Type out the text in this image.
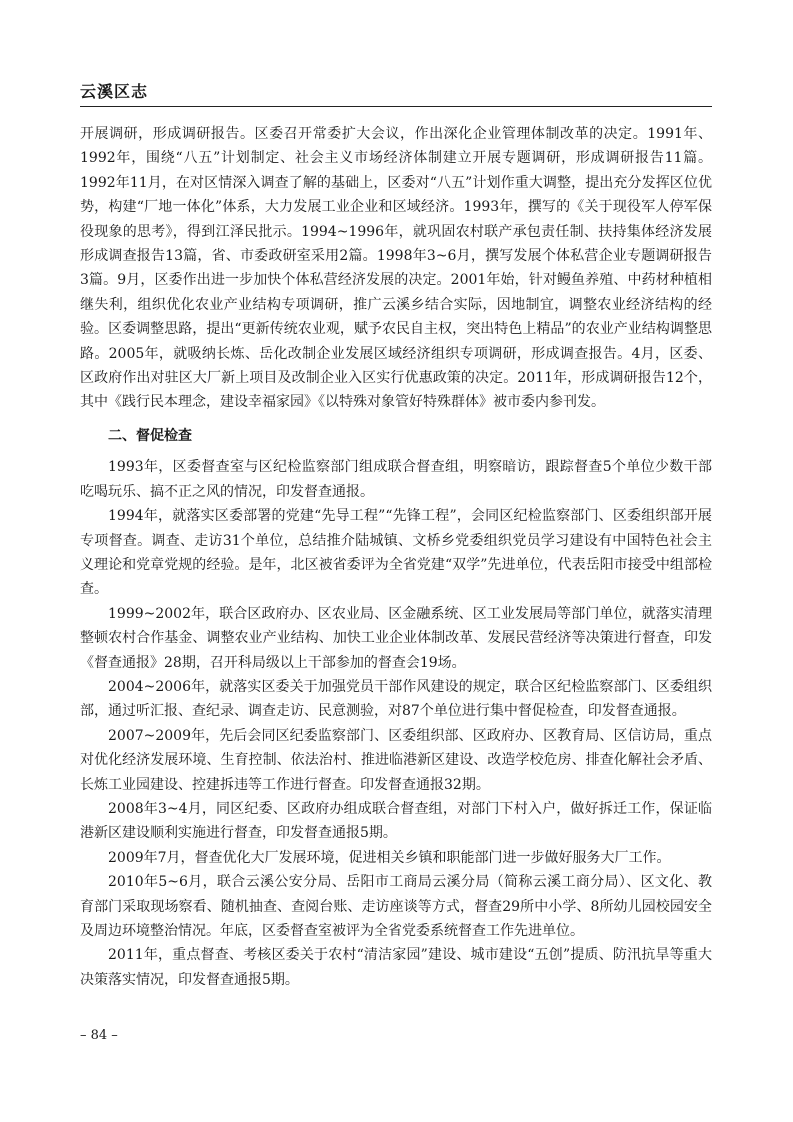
云溪区志

开展调研，形成调研报告。区委召开常委扩大会议，作出深化企业管理体制改革的决定。1991年、1992年，围绕“八五”计划制定、社会主义市场经济体制建立开展专题调研，形成调研报告11篇。1992年11月，在对区情深入调查了解的基础上，区委对“八五”计划作重大调整，提出充分发挥区位优势，构建“厂地一体化”体系，大力发展工业企业和区域经济。1993年，撰写的《关于现役军人停军保役现象的思考》，得到江泽民批示。1994~1996年，就巩固农村联产承包责任制、扶持集体经济发展形成调查报告13篇，省、市委政研室采用2篇。1998年3~6月，撰写发展个体私营企业专题调研报告3篇。9月，区委作出进一步加快个体私营经济发展的决定。2001年始，针对鳗鱼养殖、中药材种植相继失利，组织优化农业产业结构专项调研，推广云溪乡结合实际，因地制宜，调整农业经济结构的经验。区委调整思路，提出“更新传统农业观，赋予农民自主权，突出特色上精品”的农业产业结构调整思路。2005年，就吸纳长炼、岳化改制企业发展区域经济组织专项调研，形成调查报告。4月，区委、区政府作出对驻区大厂新上项目及改制企业入区实行优惠政策的决定。2011年，形成调研报告12个，其中《践行民本理念，建设幸福家园》《以特殊对象管好特殊群体》被市委内参刊发。

二、督促检查

1993年，区委督查室与区纪检监察部门组成联合督查组，明察暗访，跟踪督查5个单位少数干部吃喝玩乐、搞不正之风的情况，印发督查通报。

1994年，就落实区委部署的党建“先导工程”“先锋工程”，会同区纪检监察部门、区委组织部开展专项督查。调查、走访31个单位，总结推介陆城镇、文桥乡党委组织党员学习建设有中国特色社会主义理论和党章党规的经验。是年，北区被省委评为全省党建“双学”先进单位，代表岳阳市接受中组部检查。

1999~2002年，联合区政府办、区农业局、区金融系统、区工业发展局等部门单位，就落实清理整顿农村合作基金、调整农业产业结构、加快工业企业体制改革、发展民营经济等决策进行督查，印发《督查通报》28期，召开科局级以上干部参加的督查会19场。

2004~2006年，就落实区委关于加强党员干部作风建设的规定，联合区纪检监察部门、区委组织部，通过听汇报、查纪录、调查走访、民意测验，对87个单位进行集中督促检查，印发督查通报。

2007~2009年，先后会同区纪委监察部门、区委组织部、区政府办、区教育局、区信访局，重点对优化经济发展环境、生育控制、依法治村、推进临港新区建设、改造学校危房、排查化解社会矛盾、长炼工业园建设、控建拆违等工作进行督查。印发督查通报32期。

2008年3~4月，同区纪委、区政府办组成联合督查组，对部门下村入户，做好拆迁工作，保证临港新区建设顺利实施进行督查，印发督查通报5期。

2009年7月，督查优化大厂发展环境，促进相关乡镇和职能部门进一步做好服务大厂工作。

2010年5~6月，联合云溪公安分局、岳阳市工商局云溪分局（简称云溪工商分局）、区文化、教育部门采取现场察看、随机抽查、查阅台账、走访座谈等方式，督查29所中小学、8所幼儿园校园安全及周边环境整治情况。年底，区委督查室被评为全省党委系统督查工作先进单位。

2011年，重点督查、考核区委关于农村“清洁家园”建设、城市建设“五创”提质、防汛抗旱等重大决策落实情况，印发督查通报5期。

– 84 –
